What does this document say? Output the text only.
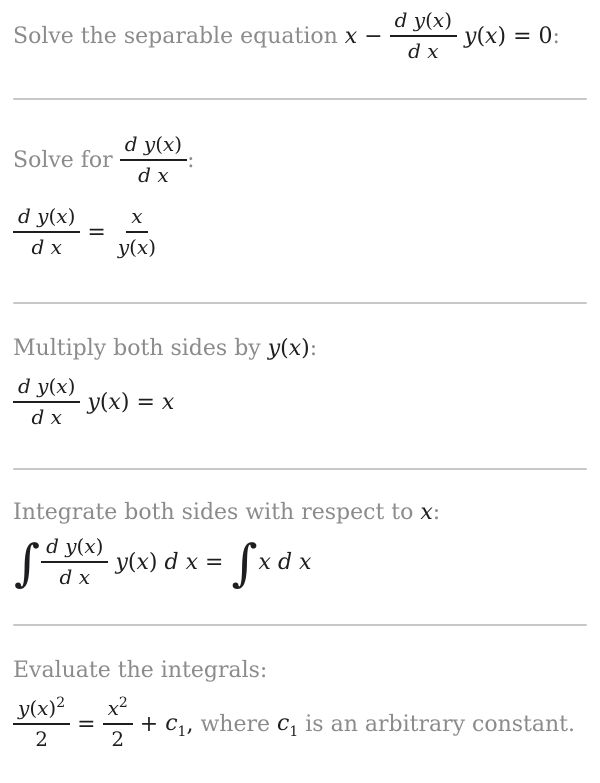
Solve the separable equation $x - \frac{\text{d y(x)}}{\text{d x}} y(x) = 0$ :
Solve for $\frac{\text{d y(x)}}{\text{d x}}$ :
$\frac{\text{d y(x)}}{\text{d x}} = \frac{x}{y(x)}$
Multiply both sides by y(x):
$\frac{\text{d y(x)}}{\text{d x}} y(x) = x$
Integrate both sides with respect to x:
∫ $\frac{\text{d y(x)}}{\text{d x}} y(x)$ d x = ∫ x d x
Evaluate the integrals:
$\frac{y(x)^2}{2} = \frac{x^2}{2} + c_1$ , where $c_1$ is an arbitrary constant.
